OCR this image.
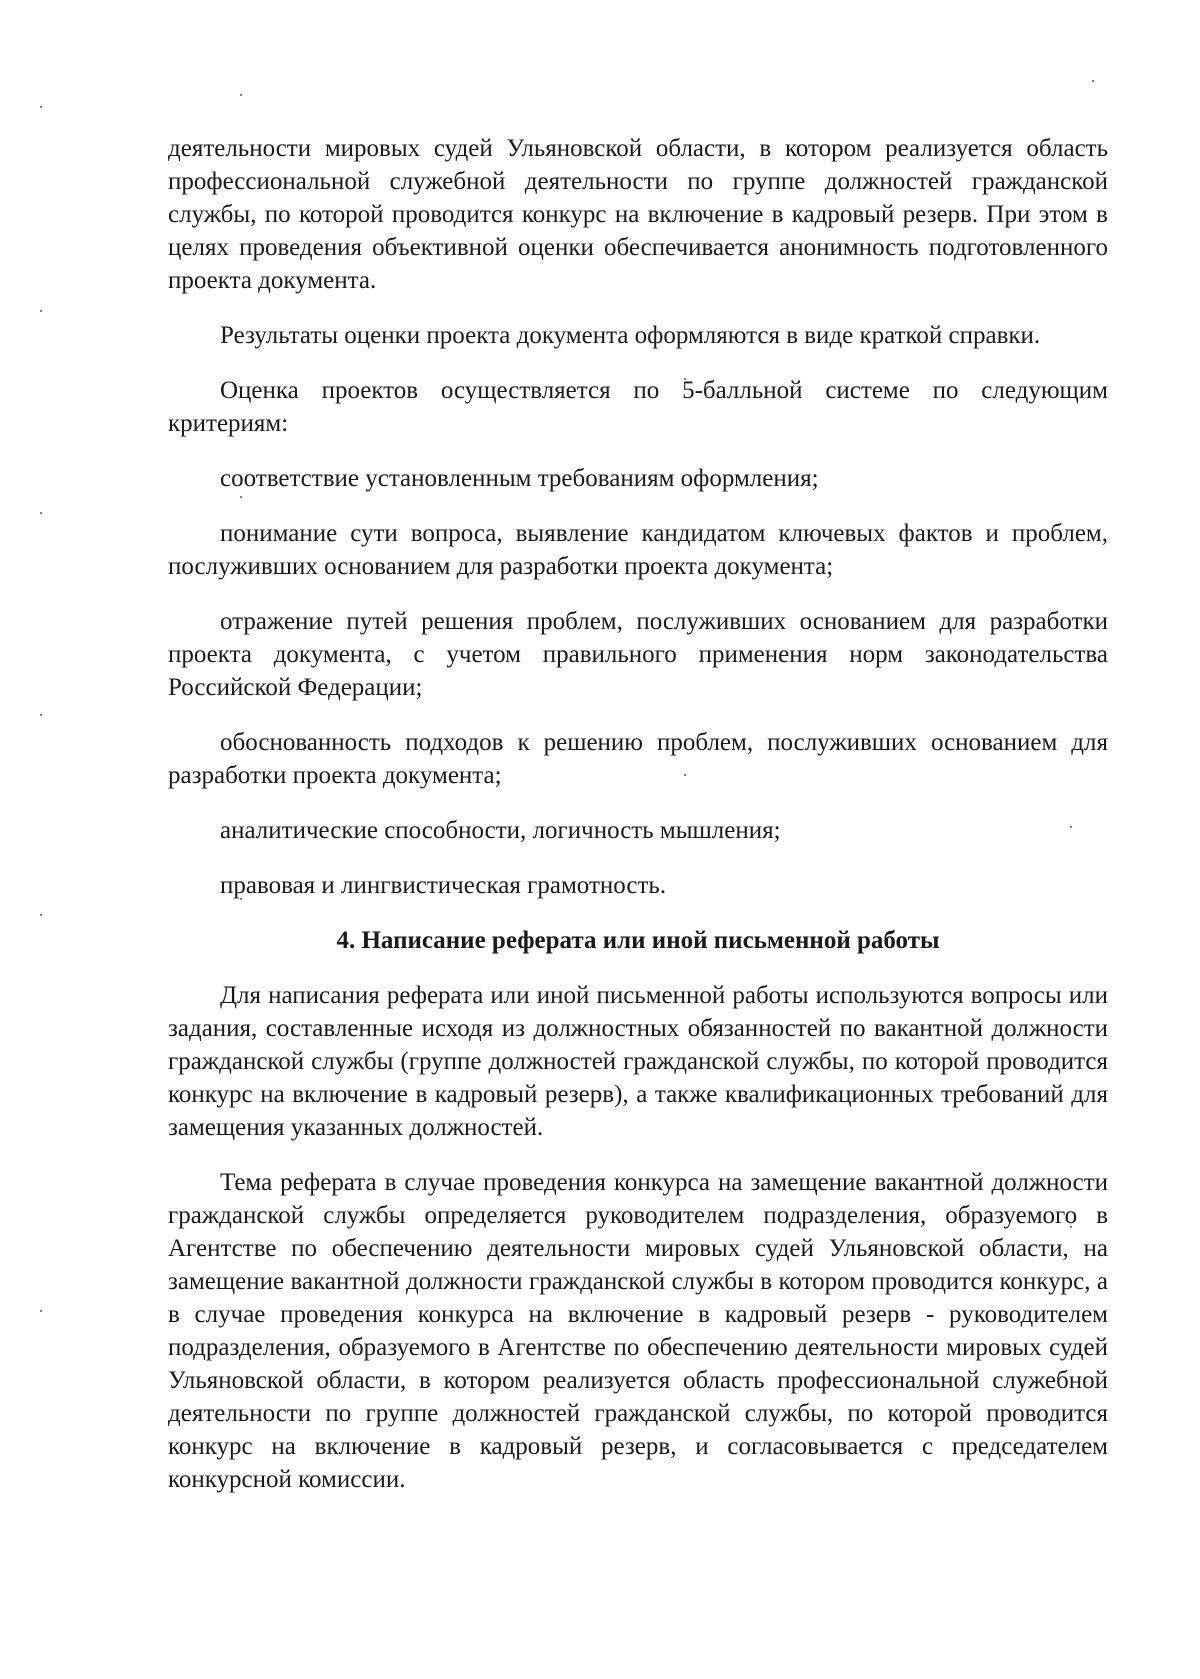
деятельности мировых судей Ульяновской области, в котором реализуется область профессиональной служебной деятельности по группе должностей гражданской службы, по которой проводится конкурс на включение в кадровый резерв. При этом в целях проведения объективной оценки обеспечивается анонимность подготовленного проекта документа.

Результаты оценки проекта документа оформляются в виде краткой справки.

Оценка проектов осуществляется по 5-балльной системе по следующим критериям:

соответствие установленным требованиям оформления;

понимание сути вопроса, выявление кандидатом ключевых фактов и проблем, послуживших основанием для разработки проекта документа;

отражение путей решения проблем, послуживших основанием для разработки проекта документа, с учетом правильного применения норм законодательства Российской Федерации;

обоснованность подходов к решению проблем, послуживших основанием для разработки проекта документа;

аналитические способности, логичность мышления;

правовая и лингвистическая грамотность.

4. Написание реферата или иной письменной работы

Для написания реферата или иной письменной работы используются вопросы или задания, составленные исходя из должностных обязанностей по вакантной должности гражданской службы (группе должностей гражданской службы, по которой проводится конкурс на включение в кадровый резерв), а также квалификационных требований для замещения указанных должностей.

Тема реферата в случае проведения конкурса на замещение вакантной должности гражданской службы определяется руководителем подразделения, образуемого в Агентстве по обеспечению деятельности мировых судей Ульяновской области, на замещение вакантной должности гражданской службы в котором проводится конкурс, а в случае проведения конкурса на включение в кадровый резерв - руководителем подразделения, образуемого в Агентстве по обеспечению деятельности мировых судей Ульяновской области, в котором реализуется область профессиональной служебной деятельности по группе должностей гражданской службы, по которой проводится конкурс на включение в кадровый резерв, и согласовывается с председателем конкурсной комиссии.
